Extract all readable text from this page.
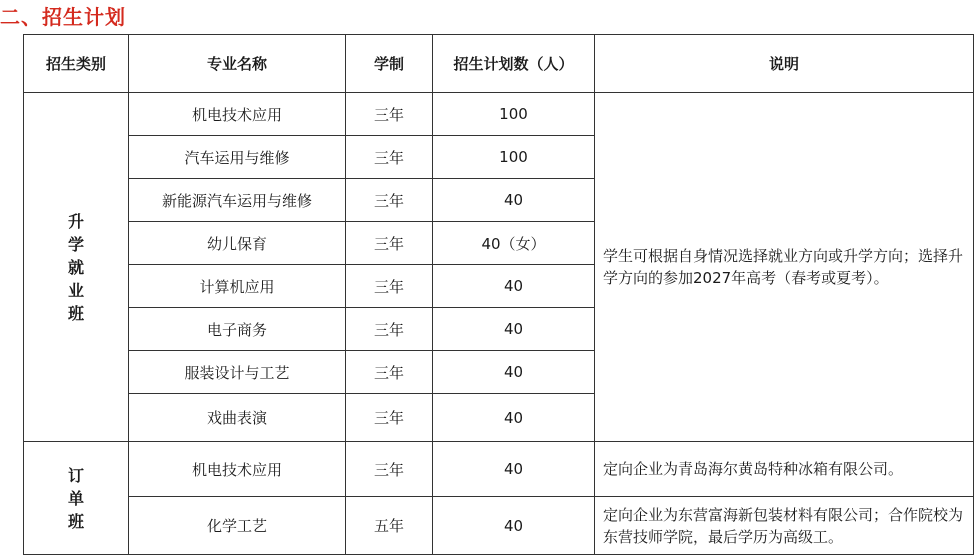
二、招生计划
招生类别	专业名称	学制	招生计划数（人）	说明
升学就业班	机电技术应用	三年	100	学生可根据自身情况选择就业方向或升学方向；选择升学方向的参加2027年高考（春考或夏考）。
	汽车运用与维修	三年	100	
	新能源汽车运用与维修	三年	40	
	幼儿保育	三年	40（女）	
	计算机应用	三年	40	
	电子商务	三年	40	
	服装设计与工艺	三年	40	
	戏曲表演	三年	40	
订单班	机电技术应用	三年	40	定向企业为青岛海尔黄岛特种冰箱有限公司。
	化学工艺	五年	40	定向企业为东营富海新包装材料有限公司；合作院校为东营技师学院，最后学历为高级工。
